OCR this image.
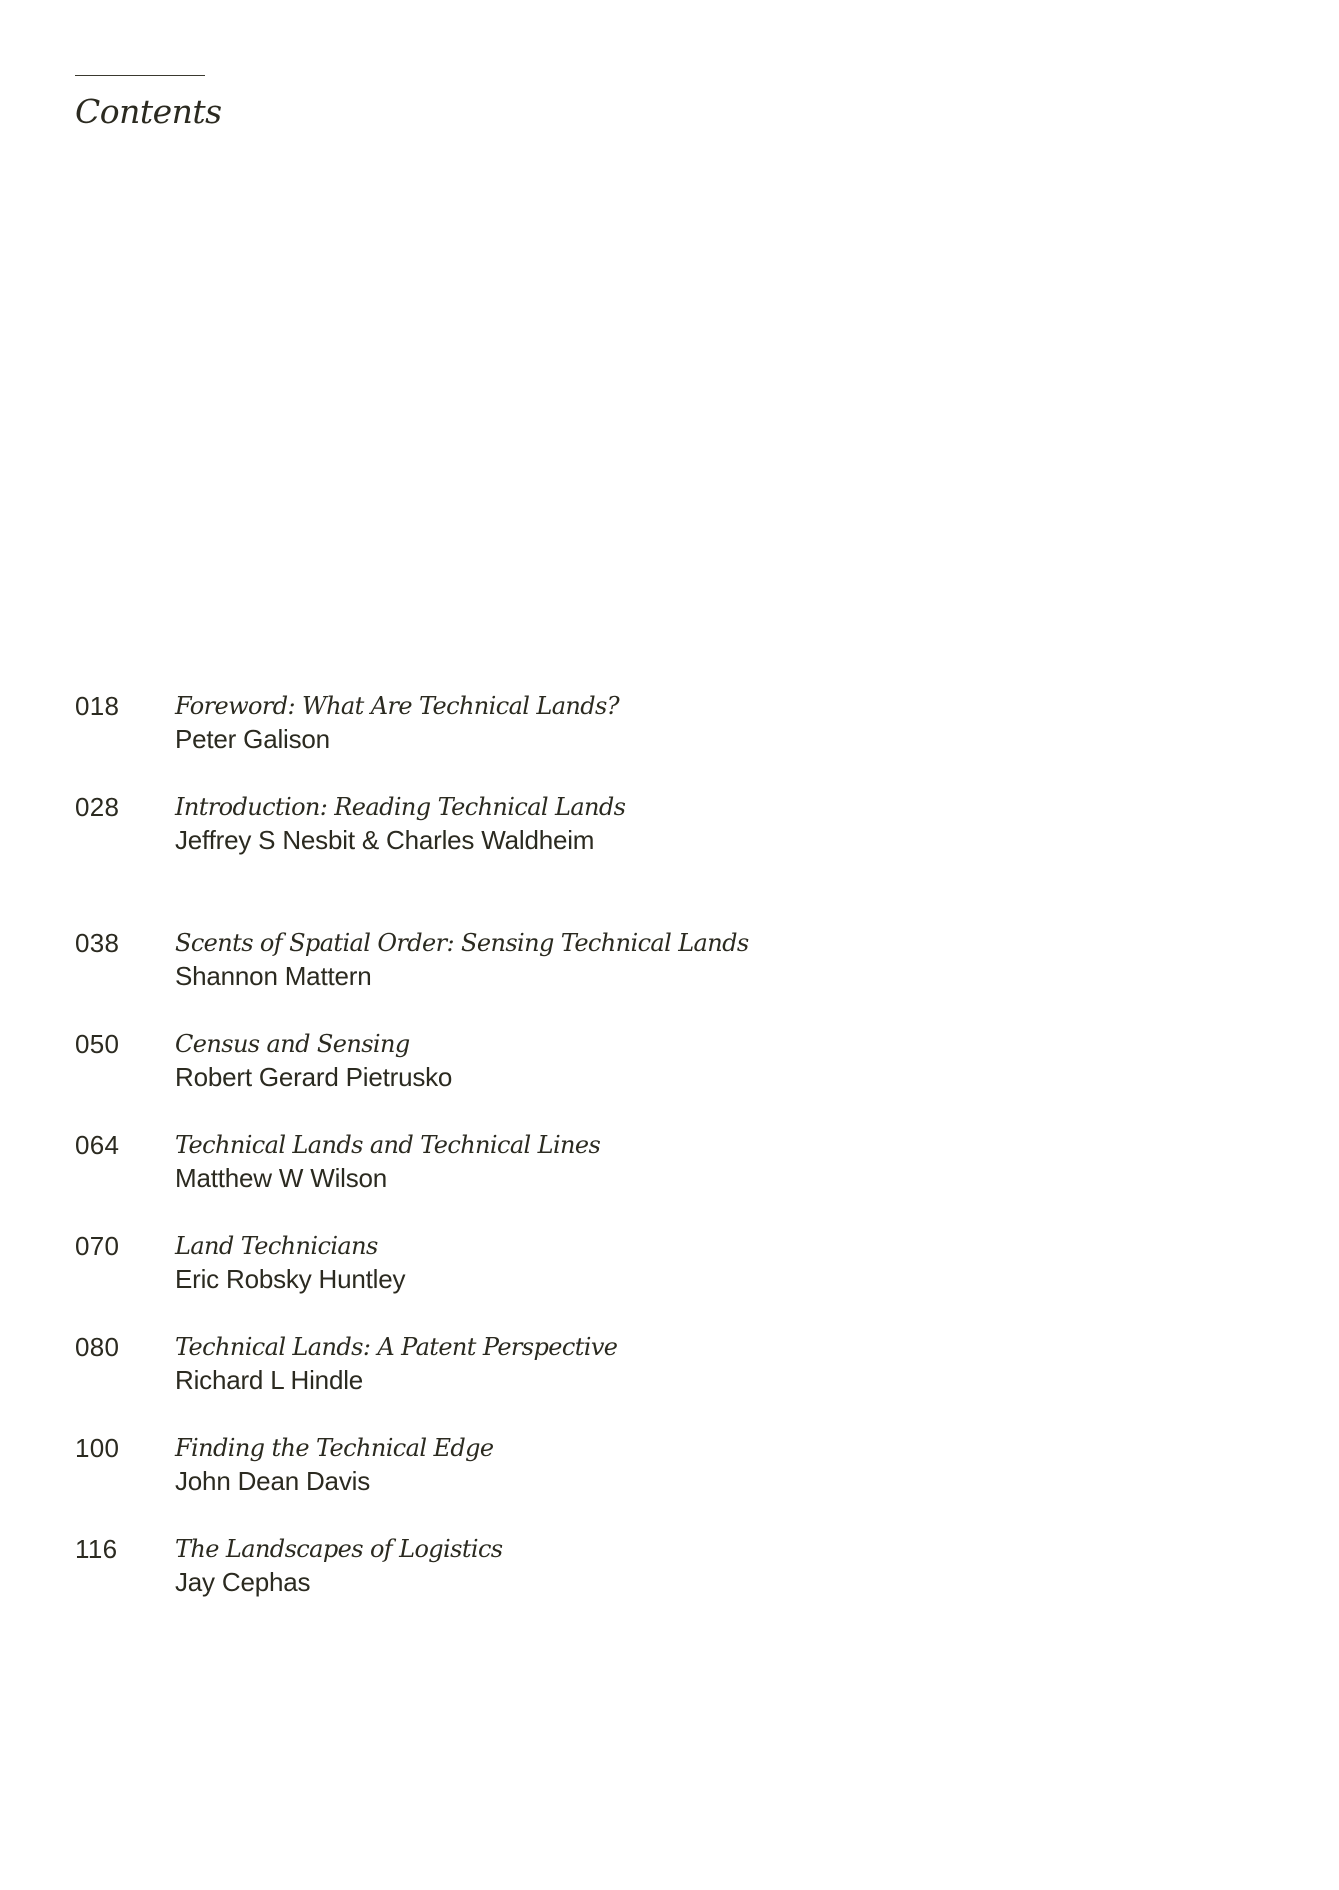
Contents
018 Foreword: What Are Technical Lands?
Peter Galison
028 Introduction: Reading Technical Lands
Jeffrey S Nesbit & Charles Waldheim
038 Scents of Spatial Order: Sensing Technical Lands
Shannon Mattern
050 Census and Sensing
Robert Gerard Pietrusko
064 Technical Lands and Technical Lines
Matthew W Wilson
070 Land Technicians
Eric Robsky Huntley
080 Technical Lands: A Patent Perspective
Richard L Hindle
100 Finding the Technical Edge
John Dean Davis
116 The Landscapes of Logistics
Jay Cephas
